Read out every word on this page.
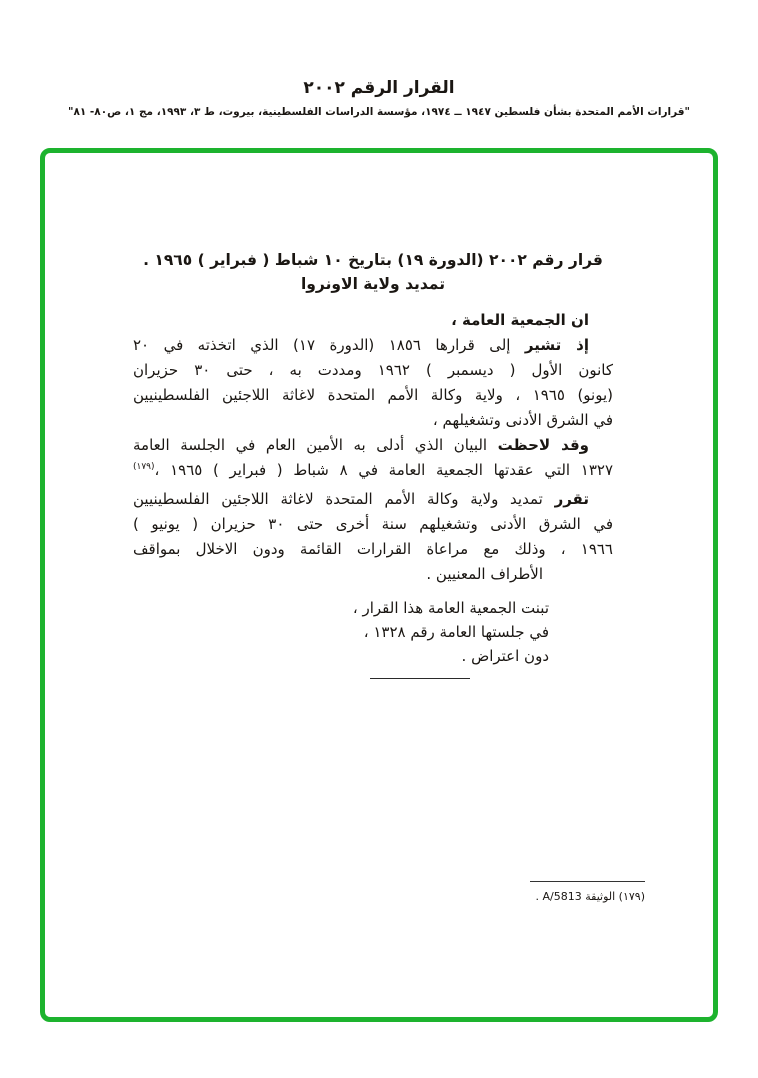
القرار الرقم ٢٠٠٢
"قرارات الأمم المتحدة بشأن فلسطين ١٩٤٧ ــ ١٩٧٤، مؤسسة الدراسات الفلسطينية، بيروت، ط ٣، ١٩٩٣، مج ١، ص٨٠- ٨١"
قرار رقم ٢٠٠٢ (الدورة ١٩) بتاريخ ١٠ شباط ( فبراير ) ١٩٦٥ .
تمديد ولاية الاونروا
ان الجمعية العامة ،
إذ تشير إلى قرارها ١٨٥٦ (الدورة ١٧) الذي اتخذته في ٢٠
كانون الأول ( ديسمبر ) ١٩٦٢ ومددت به ، حتى ٣٠ حزيران
(يونو) ١٩٦٥ ، ولاية وكالة الأمم المتحدة لاغاثة اللاجئين الفلسطينيين
في الشرق الأدنى وتشغيلهم ،
وقد لاحظت البيان الذي أدلى به الأمين العام في الجلسة العامة
١٣٢٧ التي عقدتها الجمعية العامة في ٨ شباط ( فبراير ) ١٩٦٥ ،$^{(١٧٩)}$
تقرر تمديد ولاية وكالة الأمم المتحدة لاغاثة اللاجئين الفلسطينيين
في الشرق الأدنى وتشغيلهم سنة أخرى حتى ٣٠ حزيران ( يونيو )
١٩٦٦ ، وذلك مع مراعاة القرارات القائمة ودون الاخلال بمواقف
الأطراف المعنيين .
تبنت الجمعية العامة هذا القرار ،
في جلستها العامة رقم ١٣٢٨ ،
دون اعتراض .
(١٧٩) الوثيقة A/5813 .
